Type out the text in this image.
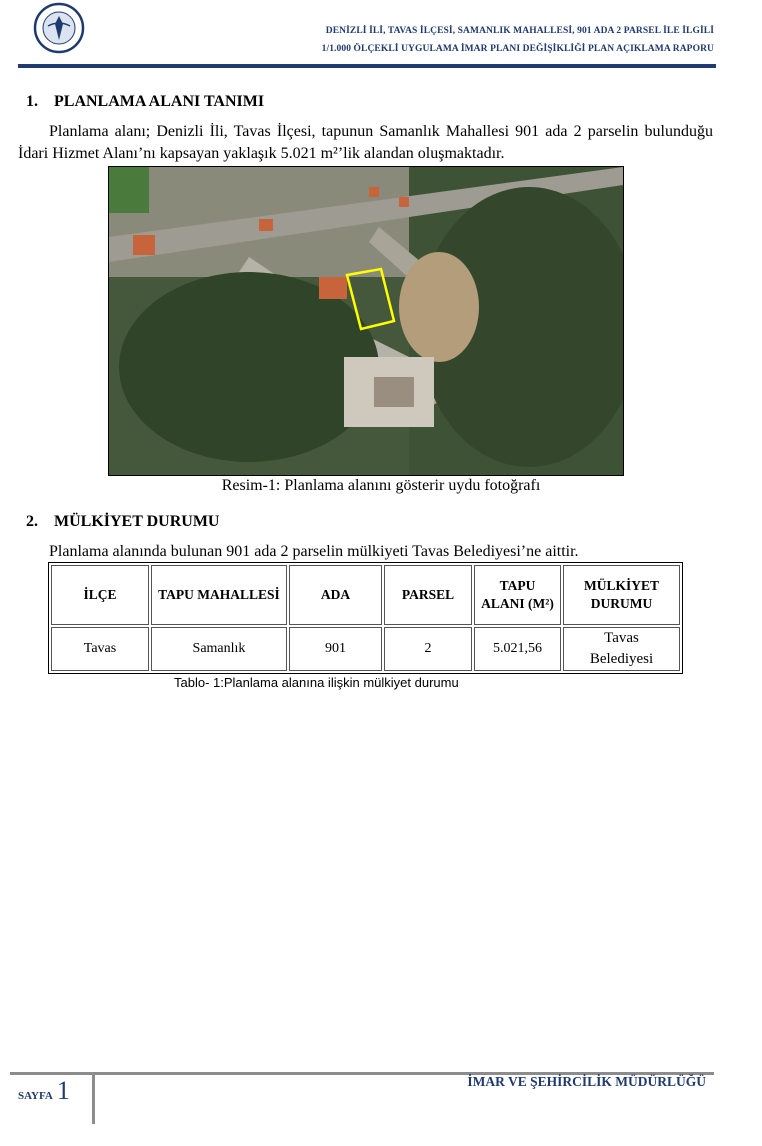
DENİZLİ İLİ, TAVAS İLÇESİ, SAMANLIK MAHALLESİ, 901 ADA 2 PARSEL İLE İLGİLİ
1/1.000 ÖLÇEKLİ UYGULAMA İMAR PLANI DEĞİŞİKLİĞİ PLAN AÇIKLAMA RAPORU
1. PLANLAMA ALANI TANIMI
Planlama alanı; Denizli İli, Tavas İlçesi, tapunun Samanlık Mahallesi 901 ada 2 parselin bulunduğu İdari Hizmet Alanı’nı kapsayan yaklaşık 5.021 m²’lik alandan oluşmaktadır.
Resim-1: Planlama alanını gösterir uydu fotoğrafı
2. MÜLKİYET DURUMU
Planlama alanında bulunan 901 ada 2 parselin mülkiyeti Tavas Belediyesi’ne aittir.
İLÇE	TAPU MAHALLESİ	ADA	PARSEL	TAPU ALANI (M²)	MÜLKİYET DURUMU
Tavas	Samanlık	901	2	5.021,56	Tavas Belediyesi
Tablo- 1:Planlama alanına ilişkin mülkiyet durumu
SAYFA 1	İMAR VE ŞEHİRCİLİK MÜDÜRLÜĞÜ
